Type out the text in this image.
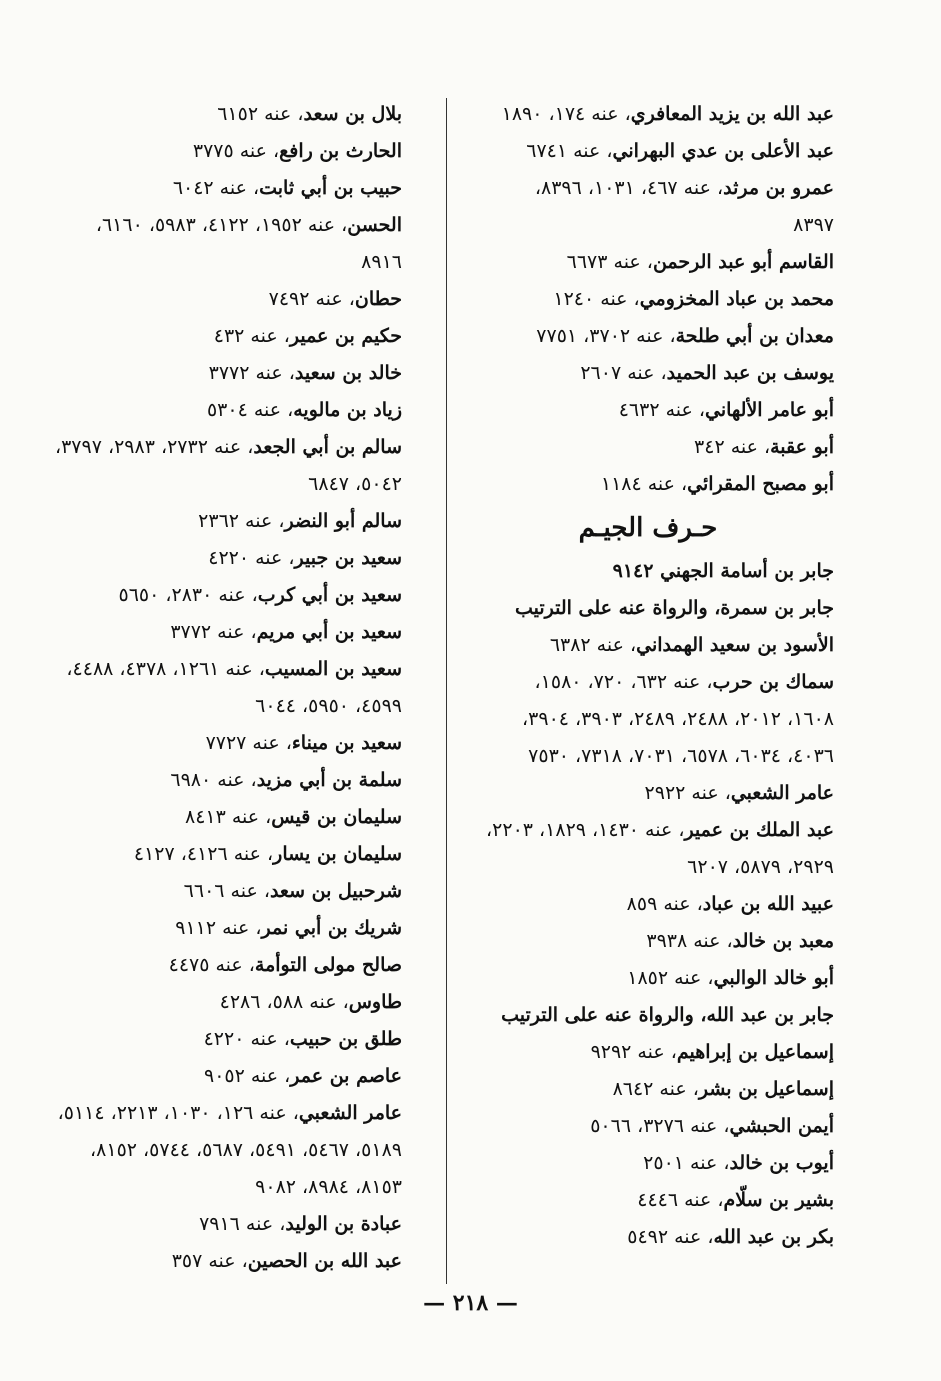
عبد الله بن يزيد المعافري، عنه ١٧٤، ١٨٩٠
عبد الأعلى بن عدي البهراني، عنه ٦٧٤١
عمرو بن مرثد، عنه ٤٦٧، ١٠٣١، ٨٣٩٦،
٨٣٩٧
القاسم أبو عبد الرحمن، عنه ٦٦٧٣
محمد بن عباد المخزومي، عنه ١٢٤٠
معدان بن أبي طلحة، عنه ٣٧٠٢، ٧٧٥١
يوسف بن عبد الحميد، عنه ٢٦٠٧
أبو عامر الألهاني، عنه ٤٦٣٢
أبو عقبة، عنه ٣٤٢
أبو مصبح المقرائي، عنه ١١٨٤
حـرف الجيـم
جابر بن أسامة الجهني ٩١٤٢
جابر بن سمرة، والرواة عنه على الترتيب
الأسود بن سعيد الهمداني، عنه ٦٣٨٢
سماك بن حرب، عنه ٦٣٢، ٧٢٠، ١٥٨٠،
١٦٠٨، ٢٠١٢، ٢٤٨٨، ٢٤٨٩، ٣٩٠٣، ٣٩٠٤،
٤٠٣٦، ٦٠٣٤، ٦٥٧٨، ٧٠٣١، ٧٣١٨، ٧٥٣٠
عامر الشعبي، عنه ٢٩٢٢
عبد الملك بن عمير، عنه ١٤٣٠، ١٨٢٩، ٢٢٠٣،
٢٩٢٩، ٥٨٧٩، ٦٢٠٧
عبيد الله بن عباد، عنه ٨٥٩
معبد بن خالد، عنه ٣٩٣٨
أبو خالد الوالبي، عنه ١٨٥٢
جابر بن عبد الله، والرواة عنه على الترتيب
إسماعيل بن إبراهيم، عنه ٩٢٩٢
إسماعيل بن بشر، عنه ٨٦٤٢
أيمن الحبشي، عنه ٣٢٧٦، ٥٠٦٦
أيوب بن خالد، عنه ٢٥٠١
بشير بن سلّام، عنه ٤٤٤٦
بكر بن عبد الله، عنه ٥٤٩٢
بلال بن سعد، عنه ٦١٥٢
الحارث بن رافع، عنه ٣٧٧٥
حبيب بن أبي ثابت، عنه ٦٠٤٢
الحسن، عنه ١٩٥٢، ٤١٢٢، ٥٩٨٣، ٦١٦٠،
٨٩١٦
حطان، عنه ٧٤٩٢
حكيم بن عمير، عنه ٤٣٢
خالد بن سعيد، عنه ٣٧٧٢
زياد بن مالويه، عنه ٥٣٠٤
سالم بن أبي الجعد، عنه ٢٧٣٢، ٢٩٨٣، ٣٧٩٧،
٥٠٤٢، ٦٨٤٧
سالم أبو النضر، عنه ٢٣٦٢
سعيد بن جبير، عنه ٤٢٢٠
سعيد بن أبي كرب، عنه ٢٨٣٠، ٥٦٥٠
سعيد بن أبي مريم، عنه ٣٧٧٢
سعيد بن المسيب، عنه ١٢٦١، ٤٣٧٨، ٤٤٨٨،
٤٥٩٩، ٥٩٥٠، ٦٠٤٤
سعيد بن ميناء، عنه ٧٧٢٧
سلمة بن أبي مزيد، عنه ٦٩٨٠
سليمان بن قيس، عنه ٨٤١٣
سليمان بن يسار، عنه ٤١٢٦، ٤١٢٧
شرحبيل بن سعد، عنه ٦٦٠٦
شريك بن أبي نمر، عنه ٩١١٢
صالح مولى التوأمة، عنه ٤٤٧٥
طاوس، عنه ٥٨٨، ٤٢٨٦
طلق بن حبيب، عنه ٤٢٢٠
عاصم بن عمر، عنه ٩٠٥٢
عامر الشعبي، عنه ١٢٦، ١٠٣٠، ٢٢١٣، ٥١١٤،
٥١٨٩، ٥٤٦٧، ٥٤٩١، ٥٦٨٧، ٥٧٤٤، ٨١٥٢،
٨١٥٣، ٨٩٨٤، ٩٠٨٢
عبادة بن الوليد، عنه ٧٩١٦
عبد الله بن الحصين، عنه ٣٥٧
— ٢١٨ —
